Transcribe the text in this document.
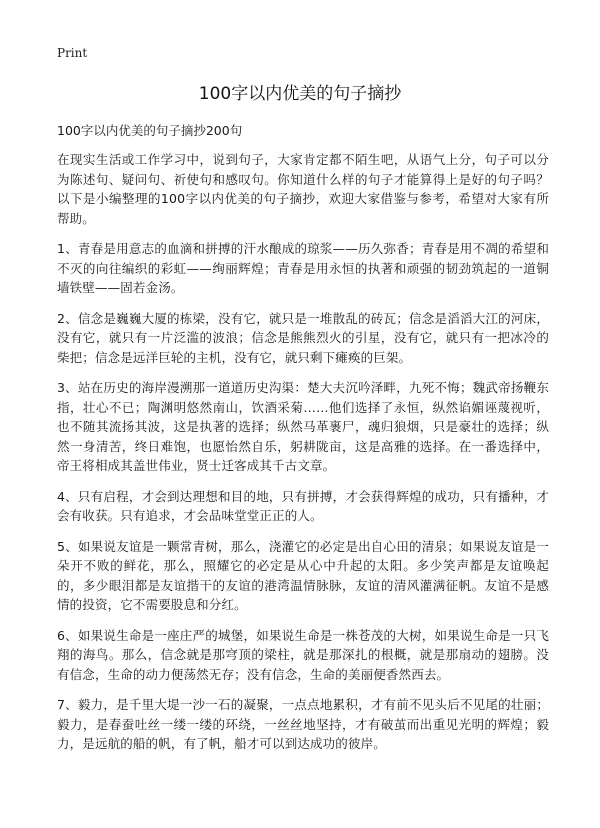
Print
100字以内优美的句子摘抄

100字以内优美的句子摘抄200句

在现实生活或工作学习中，说到句子，大家肯定都不陌生吧，从语气上分，句子可以分为陈述句、疑问句、祈使句和感叹句。你知道什么样的句子才能算得上是好的句子吗？以下是小编整理的100字以内优美的句子摘抄，欢迎大家借鉴与参考，希望对大家有所帮助。

1、青春是用意志的血滴和拼搏的汗水酿成的琼浆——历久弥香；青春是用不凋的希望和不灭的向往编织的彩虹——绚丽辉煌；青春是用永恒的执著和顽强的韧劲筑起的一道铜墙铁壁——固若金汤。

2、信念是巍巍大厦的栋梁，没有它，就只是一堆散乱的砖瓦；信念是滔滔大江的河床，没有它，就只有一片泛滥的波浪；信念是熊熊烈火的引星，没有它，就只有一把冰冷的柴把；信念是远洋巨轮的主机，没有它，就只剩下瘫痪的巨架。

3、站在历史的海岸漫溯那一道道历史沟渠：楚大夫沉吟泽畔，九死不悔；魏武帝扬鞭东指，壮心不已；陶渊明悠然南山，饮酒采菊……他们选择了永恒，纵然谄媚诬蔑视听，也不随其流扬其波，这是执著的选择；纵然马革裹尸，魂归狼烟，只是豪壮的选择；纵然一身清苦，终日难饱，也愿怡然自乐，躬耕陇亩，这是高雅的选择。在一番选择中，帝王将相成其盖世伟业，贤士迁客成其千古文章。

4、只有启程，才会到达理想和目的地，只有拼搏，才会获得辉煌的成功，只有播种，才会有收获。只有追求，才会品味堂堂正正的人。

5、如果说友谊是一颗常青树，那么，浇灌它的必定是出自心田的清泉；如果说友谊是一朵开不败的鲜花，那么，照耀它的必定是从心中升起的太阳。多少笑声都是友谊唤起的，多少眼泪都是友谊揩干的友谊的港湾温情脉脉，友谊的清风灌满征帆。友谊不是感情的投资，它不需要股息和分红。

6、如果说生命是一座庄严的城堡，如果说生命是一株苍茂的大树，如果说生命是一只飞翔的海鸟。那么，信念就是那穹顶的梁柱，就是那深扎的根概，就是那扇动的翅膀。没有信念，生命的动力便荡然无存；没有信念，生命的美丽便香然西去。

7、毅力，是千里大堤一沙一石的凝聚，一点点地累积，才有前不见头后不见尾的壮丽；毅力，是春蚕吐丝一缕一缕的环绕，一丝丝地坚持，才有破茧而出重见光明的辉煌；毅力，是远航的船的帆，有了帆，船才可以到达成功的彼岸。
